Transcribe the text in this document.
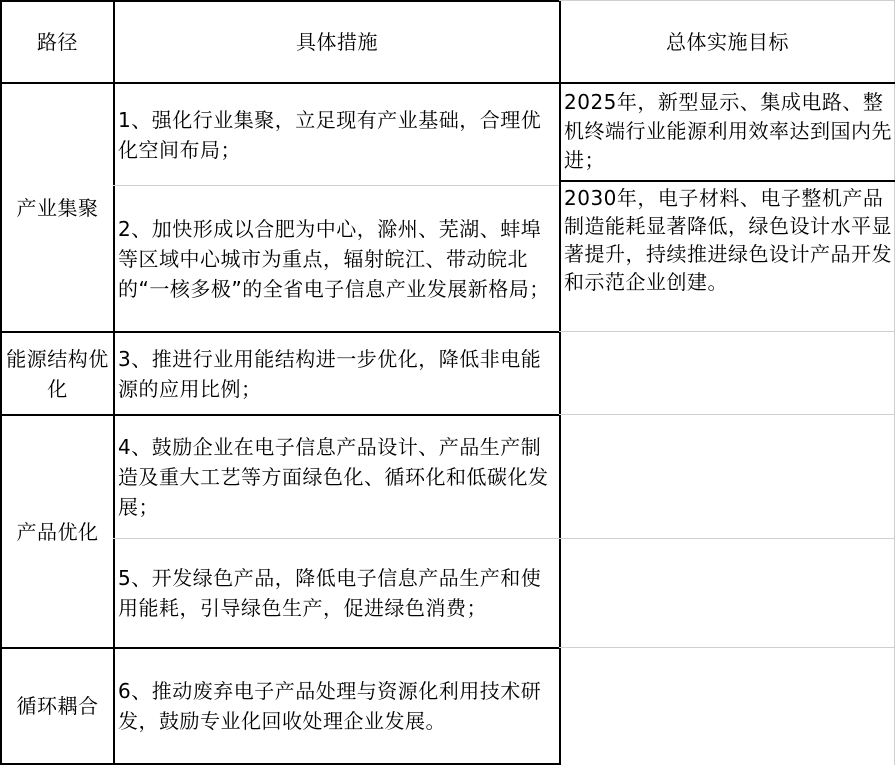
路径	具体措施	总体实施目标
产业集聚
能源结构优化
产品优化
循环耦合
1、强化行业集聚，立足现有产业基础，合理优化空间布局；
2、加快形成以合肥为中心，滁州、芜湖、蚌埠等区域中心城市为重点，辐射皖江、带动皖北的“一核多极”的全省电子信息产业发展新格局；
3、推进行业用能结构进一步优化，降低非电能源的应用比例；
4、鼓励企业在电子信息产品设计、产品生产制造及重大工艺等方面绿色化、循环化和低碳化发展；
5、开发绿色产品，降低电子信息产品生产和使用能耗，引导绿色生产，促进绿色消费；
6、推动废弃电子产品处理与资源化利用技术研发，鼓励专业化回收处理企业发展。
2025年，新型显示、集成电路、整机终端行业能源利用效率达到国内先进；
2030年，电子材料、电子整机产品制造能耗显著降低，绿色设计水平显著提升，持续推进绿色设计产品开发和示范企业创建。
